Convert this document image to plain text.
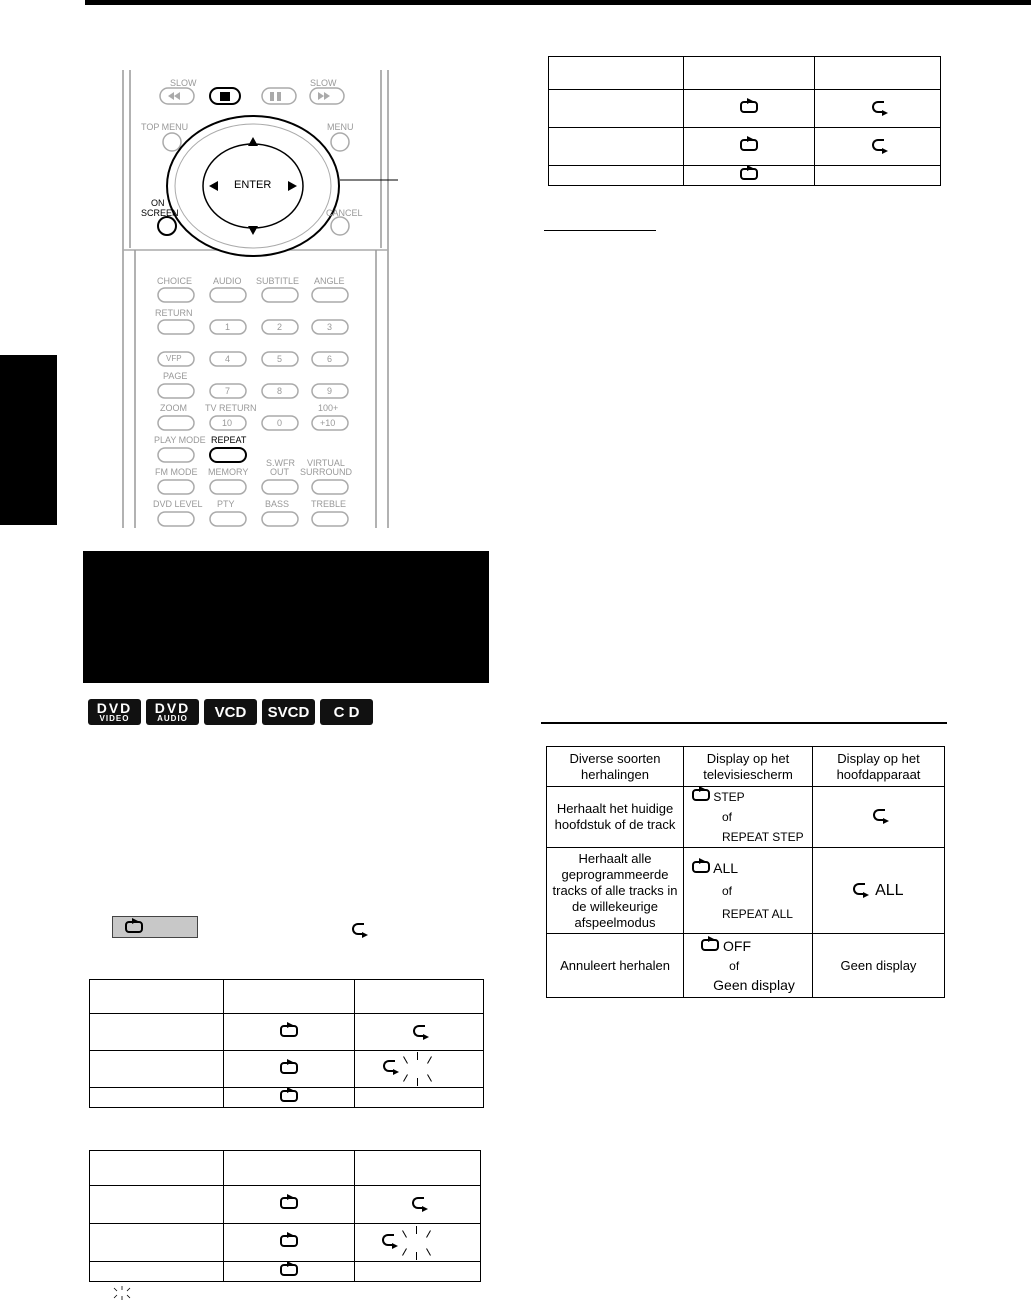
SLOW	SLOW
TOP MENU	MENU
ENTER
ON
SCREEN	CANCEL
CHOICE AUDIO SUBTITLE ANGLE
RETURN
1	2	3
VFP	4	5	6
PAGE
7	8	9
ZOOM TV RETURN	100+
10	0	+10
PLAY MODE REPEAT
FM MODE MEMORY
S.WFR
OUT
VIRTUAL
SURROUND
DVD LEVEL PTY	BASS TREBLE

DVD
VIDEO
DVD
AUDIO	VCD	SVCD	C D

Diverse soorten herhalingen	Display op het televisiescherm	Display op het hoofdapparaat
Herhaalt het huidige hoofdstuk of de track	STEP
of
REPEAT STEP	
Herhaalt alle geprogrammeerde tracks of alle tracks in de willekeurige afspeelmodus	ALL
of
REPEAT ALL	ALL
Annuleert herhalen	OFF
of
Geen display	Geen display
